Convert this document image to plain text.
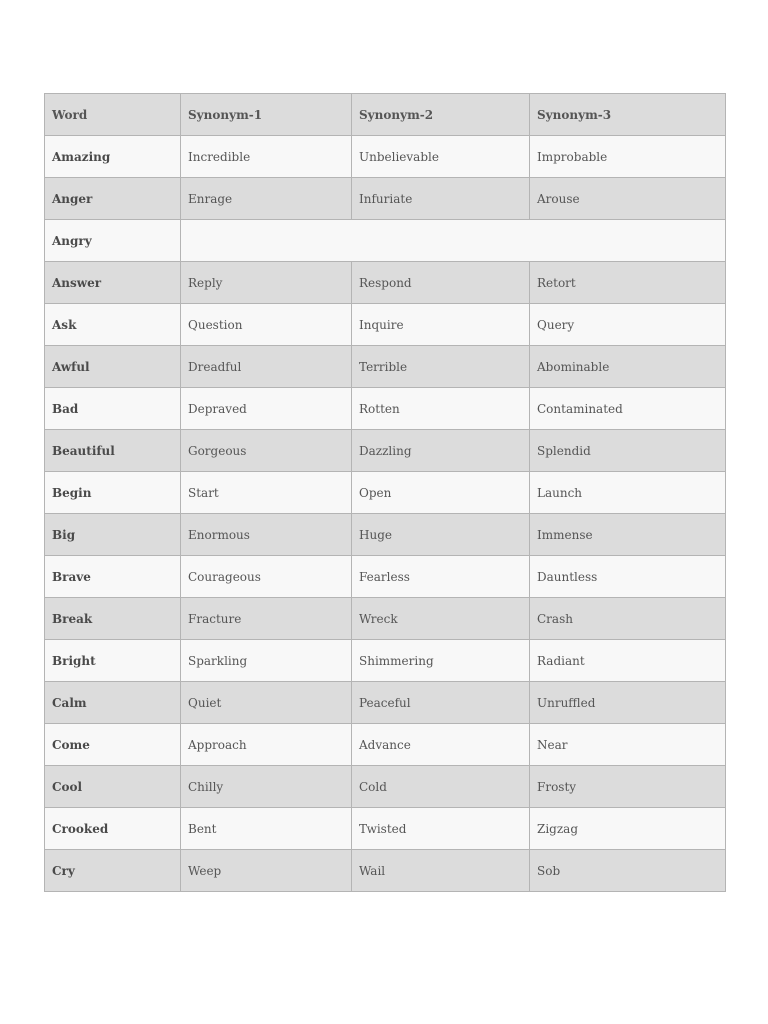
Word	Synonym-1	Synonym-2	Synonym-3
Amazing	Incredible	Unbelievable	Improbable
Anger	Enrage	Infuriate	Arouse
Angry			
Answer	Reply	Respond	Retort
Ask	Question	Inquire	Query
Awful	Dreadful	Terrible	Abominable
Bad	Depraved	Rotten	Contaminated
Beautiful	Gorgeous	Dazzling	Splendid
Begin	Start	Open	Launch
Big	Enormous	Huge	Immense
Brave	Courageous	Fearless	Dauntless
Break	Fracture	Wreck	Crash
Bright	Sparkling	Shimmering	Radiant
Calm	Quiet	Peaceful	Unruffled
Come	Approach	Advance	Near
Cool	Chilly	Cold	Frosty
Crooked	Bent	Twisted	Zigzag
Cry	Weep	Wail	Sob
